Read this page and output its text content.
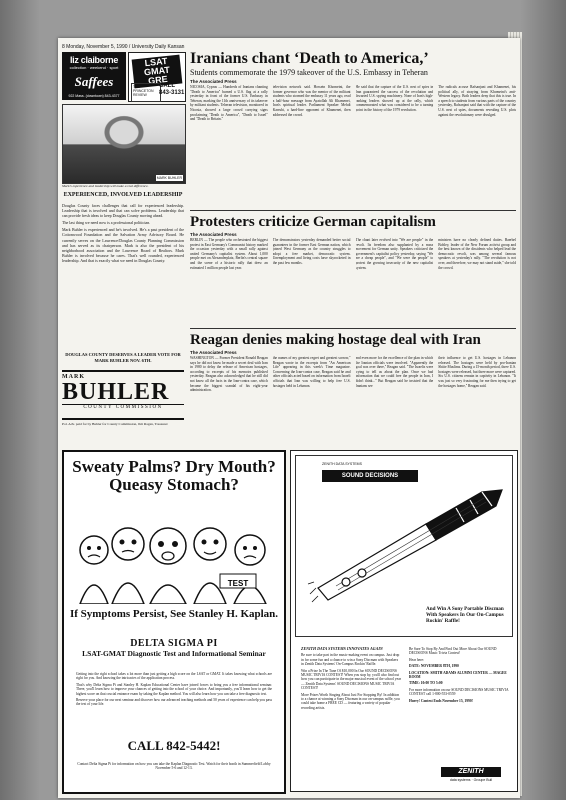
8 Monday, November 5, 1990 / University Daily Kansan
liz claiborne
collection · weekend · sport
Saffees
922 Mass. (downtown) 843-4377
LSAT GMAT GRE
THE PRINCETON REVIEW
CALL
843-3131
MARK BUHLER
Mark's experience and leadership will make a real difference.
EXPERIENCED, INVOLVED LEADERSHIP

Douglas County faces challenges that call for experienced leadership. Leadership that is involved and that can solve problems. Leadership that can provide fresh ideas to keep Douglas County moving ahead.

The last thing we need now is a professional politician.

Mark Buhler is experienced and he's involved. He's a past president of the Cottonwood Foundation and the Salvation Army Advisory Board. He currently serves on the Lawrence/Douglas County Planning Commission and has served as its chairperson. Mark is also the president of his neighborhood association and the Lawrence Board of Realtors. Mark Buhler is involved because he cares. That's well rounded, experienced leadership. And that is exactly what we need in Douglas County.

DOUGLAS COUNTY DESERVES A LEADER VOTE FOR MARK BUHLER NOV. 6TH.
MARK
BUHLER
COUNTY COMMISSION
Pol. Adv. paid for by Buhler for County Commission, Jim Ragan, Treasurer
Iranians chant ‘Death to America,’
Students commemorate the 1979 takeover of the U.S. Embassy in Teheran
The Associated Press
NICOSIA, Cyprus — Hundreds of Iranians chanting "Death to America" burned a U.S. flag at a rally yesterday in front of the former U.S. Embassy in Teheran, marking the 11th anniversary of its takeover by militant students. Teheran television, monitored in Nicosia, showed a large crowd carrying signs proclaiming "Death to America", "Death to Israel" and "Death to Britain."
television network said. Hossein Khomeini, the former governor who was the mentor of the militant students who stormed the embassy 11 years ago, read a half-hour message from Ayatollah Ali Khamenei, Iran's spiritual leader. Parliament Speaker Mehdi Karrubi, a hard-line opponent of Khamenei, then addressed the crowd.
He said that the capture of the U.S. nest of spies in Iran guaranteed the success of the revolution and thwarted U.S. spying machinery. None of Iran's high-ranking leaders showed up at the rally, which commemorated what was considered to be a turning point in the history of the 1979 revolution.
The radicals accuse Rafsanjani and Khamenei, his political ally, of straying from Khomeini's anti-Western legacy. Both leaders deny that this is true. In a speech to students from various parts of the country yesterday, Rafsanjani said that with the capture of the U.S. nest of spies, documents revealing U.S. plots against the revolutionary were divulged.
Protesters criticize German capitalism
The Associated Press
BERLIN — The people who orchestrated the biggest protest in East Germany's Communist history marked the occasion yesterday with a small rally against united Germany's capitalist system. About 1,000 people met on Alexanderplatz, Berlin's central square and the scene of a historic rally that drew an estimated 1 million people last year.
The demonstrators yesterday demanded better social guarantees in the former East German nation, which joined West Germany as the country struggles to adopt a free market, democratic system. Unemployment and living costs have skyrocketed in the past few months.
The chant later evolved into "We are people" in the revolt. Its freedom also supplanted by a mass movement for German unity. Speakers criticized the government's capitalist policy yesterday, saying "We are a cheap people", and "We were the people" to protest the growing insecurity of the new capitalist system.
ministers have no clearly defined duties. Baerbel Bohley, leader of the New Forum activist group and the best known of the dissidents who helped lead the democratic revolt, was among several famous speakers at yesterday's rally. "The revolution is not over, and therefore, we may not stand aside," she told the crowd.
Reagan denies making hostage deal with Iran
The Associated Press
WASHINGTON — Former President Ronald Reagan says he did not know he made a secret deal with Iran in 1980 to delay the release of American hostages, according to excerpts of his memoirs published yesterday. Reagan also acknowledged that he still did not know all the facts in the Iran-contra case, which became the biggest scandal of his eight-year administration.
the names of my greatest regret and greatest sorrow," Reagan wrote in the excerpts from "An American Life" appearing in this week's Time magazine. Concerning the Iran-contra case, Reagan said he and other officials acted based on information from Israeli officials that Iran was willing to help free U.S. hostages held in Lebanon.
and even more for the excellence of the plan in which the Iranian officials were involved. "Apparently the goal was over there," Reagan said. "The Israelis were trying to tell us about the plan. Once we had information that we could free the people in Iran, I didn't think..." But Reagan said he insisted that the Iranians see
their influence to get U.S. hostages in Lebanon released. The hostages were held by pro-Iranian Shiite Muslims. During a 15-month period, three U.S. hostages were released, but three more were captured. Six U.S. citizens remain in captivity in Lebanon. "It was just so very frustrating for me then trying to get the hostages home," Reagan said.
Sweaty Palms? Dry Mouth? Queasy Stomach?
TEST
If Symptoms Persist, See Stanley H. Kaplan.
DELTA SIGMA PI
LSAT-GMAT Diagnostic Test and Informational Seminar

Getting into the right school takes a lot more than just getting a high score on the LSAT or GMAT. It takes knowing what schools are right for you. And knowing the intricacies of the application process.

That's why Delta Sigma Pi and Stanley H. Kaplan Educational Center have joined forces to bring you a free informational seminar. There, you'll learn how to improve your chances of getting into the school of your choice. And importantly, you'll learn how to get the highest score on that crucial entrance exam by taking the Kaplan method. You will also learn how you can take a free diagnostic test.

Reserve your place for our next seminar and discover how our advanced teaching methods and 50 years of experience can help you pass the test of your life.

CALL 842-5442!
Contact Delta Sigma Pi for information on how you can take the Kaplan Diagnostic Test. Watch for their booth in Summerfield Lobby November 5-6 and 12-13.
ZENITH DATA SYSTEMS
SOUND DECISIONS
And Win A Sony Portable Discman With Speakers In Our On-Campus Rockin' Raffle!
ZENITH DATA SYSTEMS INNOVATES AGAIN

Be sure to take part in the music-making event on campus. Just drop in for some fun and a chance to win a Sony Discman with Speakers in Zenith Data Systems' On-Campus Rockin' Raffle.

Win a Prize In The Tune Of $10,000 In Our SOUND DECISIONS MUSIC TRIVIA CONTEST! When you stop by, you'll also find out how you can participate in the major musical event of the school year — Zenith Data Systems' SOUND DECISIONS MUSIC TRIVIA CONTEST!

More Prizes Worth Singing About Just For Stopping By! In addition to a chance at winning a Sony Discman in our on-campus raffle, you could take home a FREE CD — featuring a variety of popular recording artists.

Be Sure To Stop By And Find Out More About Our SOUND DECISIONS Music Trivia Contest!

Hear here:

DATE: NOVEMBER 8TH, 1990

LOCATION: SMITH ADAMS ALUMNI CENTER — MAGEE ROOM

TIME: 10:00 TO 5:00

For more information on our SOUND DECISIONS MUSIC TRIVIA CONTEST call 1-800-553-0559

Hurry! Contest Ends November 15, 1990!

ZENITH
data systems · Groupe Bull
